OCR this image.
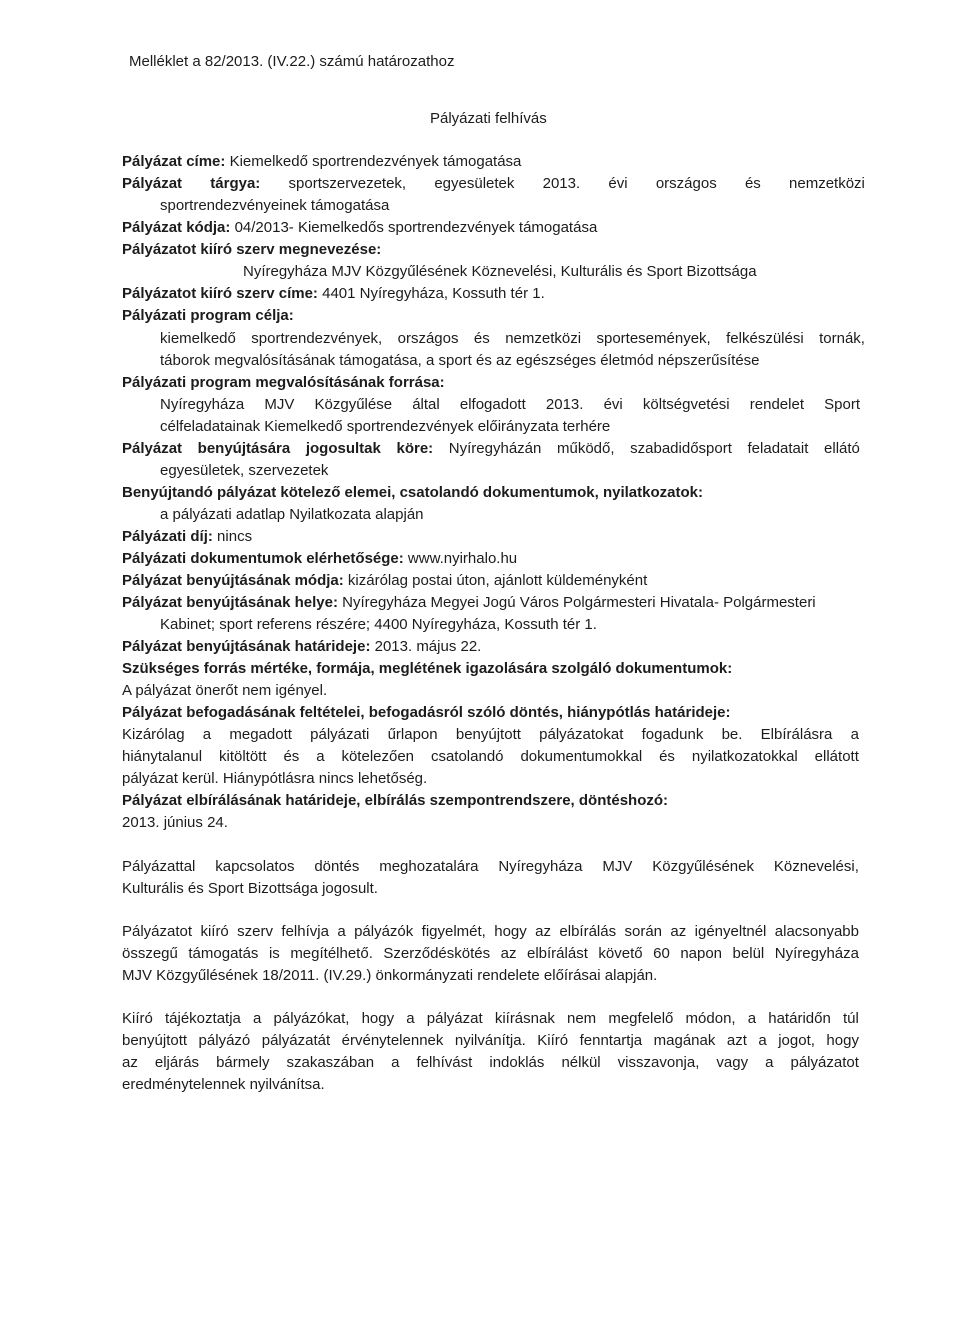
Melléklet a 82/2013. (IV.22.) számú határozathoz
Pályázati felhívás
Pályázat címe: Kiemelkedő sportrendezvények támogatása
Pályázat tárgya: sportszervezetek, egyesületek 2013. évi országos és nemzetközi
sportrendezvényeinek támogatása
Pályázat kódja: 04/2013- Kiemelkedős sportrendezvények támogatása
Pályázatot kiíró szerv megnevezése:
Nyíregyháza MJV Közgyűlésének Köznevelési, Kulturális és Sport Bizottsága
Pályázatot kiíró szerv címe: 4401 Nyíregyháza, Kossuth tér 1.
Pályázati program célja:
kiemelkedő sportrendezvények, országos és nemzetközi sportesemények, felkészülési tornák,
táborok megvalósításának támogatása, a sport és az egészséges életmód népszerűsítése
Pályázati program megvalósításának forrása:
Nyíregyháza MJV Közgyűlése által elfogadott 2013. évi költségvetési rendelet Sport
célfeladatainak Kiemelkedő sportrendezvények előirányzata terhére
Pályázat benyújtására jogosultak köre: Nyíregyházán működő, szabadidősport feladatait ellátó
egyesületek, szervezetek
Benyújtandó pályázat kötelező elemei, csatolandó dokumentumok, nyilatkozatok:
a pályázati adatlap Nyilatkozata alapján
Pályázati díj: nincs
Pályázati dokumentumok elérhetősége: www.nyirhalo.hu
Pályázat benyújtásának módja: kizárólag postai úton, ajánlott küldeményként
Pályázat benyújtásának helye: Nyíregyháza Megyei Jogú Város Polgármesteri Hivatala- Polgármesteri
Kabinet; sport referens részére; 4400 Nyíregyháza, Kossuth tér 1.
Pályázat benyújtásának határideje: 2013. május 22.
Szükséges forrás mértéke, formája, meglétének igazolására szolgáló dokumentumok:
A pályázat önerőt nem igényel.
Pályázat befogadásának feltételei, befogadásról szóló döntés, hiánypótlás határideje:
Kizárólag a megadott pályázati űrlapon benyújtott pályázatokat fogadunk be. Elbírálásra a
hiánytalanul kitöltött és a kötelezően csatolandó dokumentumokkal és nyilatkozatokkal ellátott
pályázat kerül. Hiánypótlásra nincs lehetőség.
Pályázat elbírálásának határideje, elbírálás szempontrendszere, döntéshozó:
2013. június 24.
Pályázattal kapcsolatos döntés meghozatalára Nyíregyháza MJV Közgyűlésének Köznevelési,
Kulturális és Sport Bizottsága jogosult.
Pályázatot kiíró szerv felhívja a pályázók figyelmét, hogy az elbírálás során az igényeltnél alacsonyabb
összegű támogatás is megítélhető. Szerződéskötés az elbírálást követő 60 napon belül Nyíregyháza
MJV Közgyűlésének 18/2011. (IV.29.) önkormányzati rendelete előírásai alapján.
Kiíró tájékoztatja a pályázókat, hogy a pályázat kiírásnak nem megfelelő módon, a határidőn túl
benyújtott pályázó pályázatát érvénytelennek nyilvánítja. Kiíró fenntartja magának azt a jogot, hogy
az eljárás bármely szakaszában a felhívást indoklás nélkül visszavonja, vagy a pályázatot
eredménytelennek nyilvánítsa.
